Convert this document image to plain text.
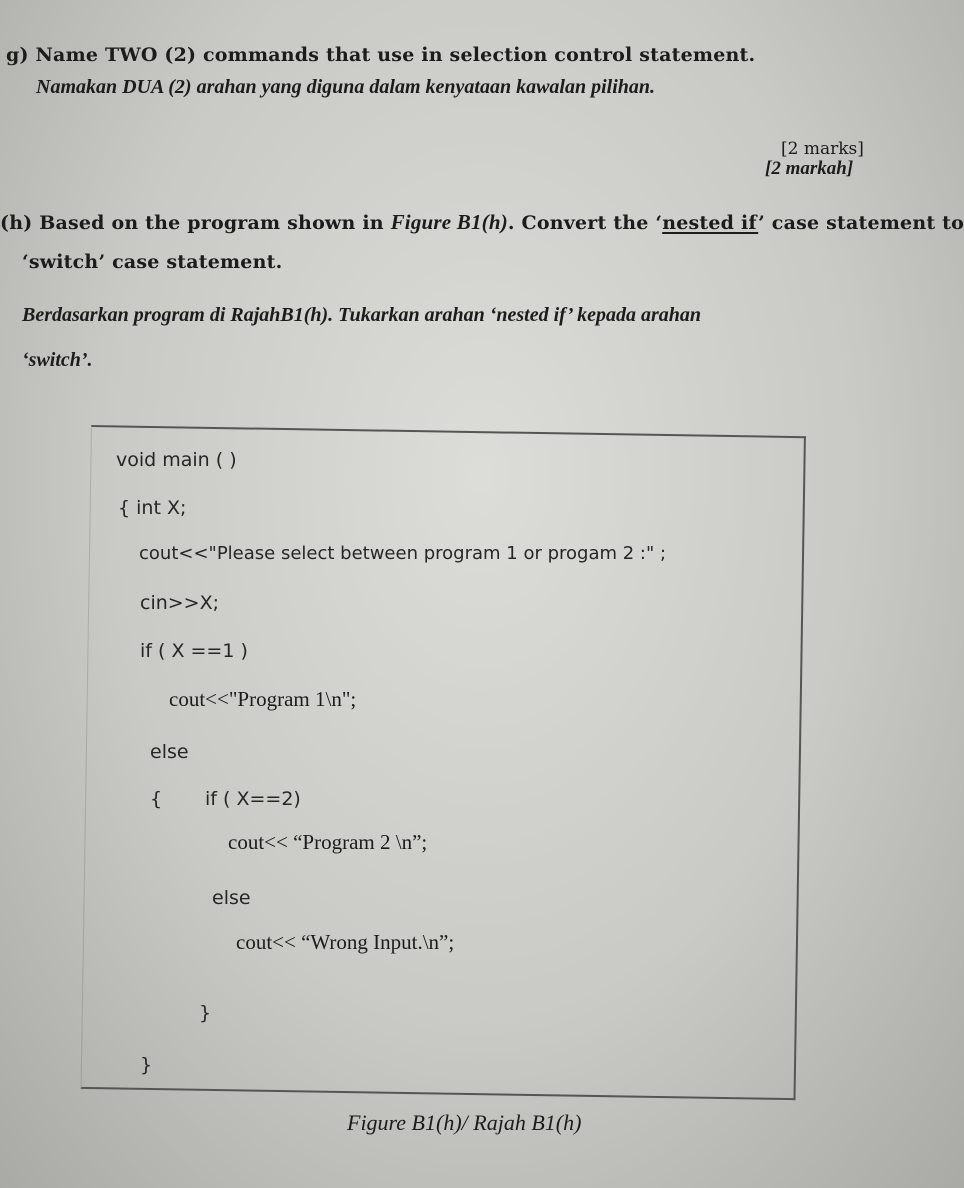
g) Name TWO (2) commands that use in selection control statement.
Namakan DUA (2) arahan yang diguna dalam kenyataan kawalan pilihan.
[2 marks]
[2 markah]
(h) Based on the program shown in Figure B1(h). Convert the ‘nested if’ case statement to
‘switch’ case statement.
Berdasarkan program di RajahB1(h). Tukarkan arahan ‘nested if’ kepada arahan
‘switch’.
void main ( )
{ int X;
cout<<"Please select between program 1 or progam 2 :" ;
cin>>X;
if ( X ==1 )
cout<<"Program 1\n";
else
{ if ( X==2)
cout<< “Program 2 \n”;
else
cout<< “Wrong Input.\n”;
}
}
Figure B1(h)/ Rajah B1(h)
